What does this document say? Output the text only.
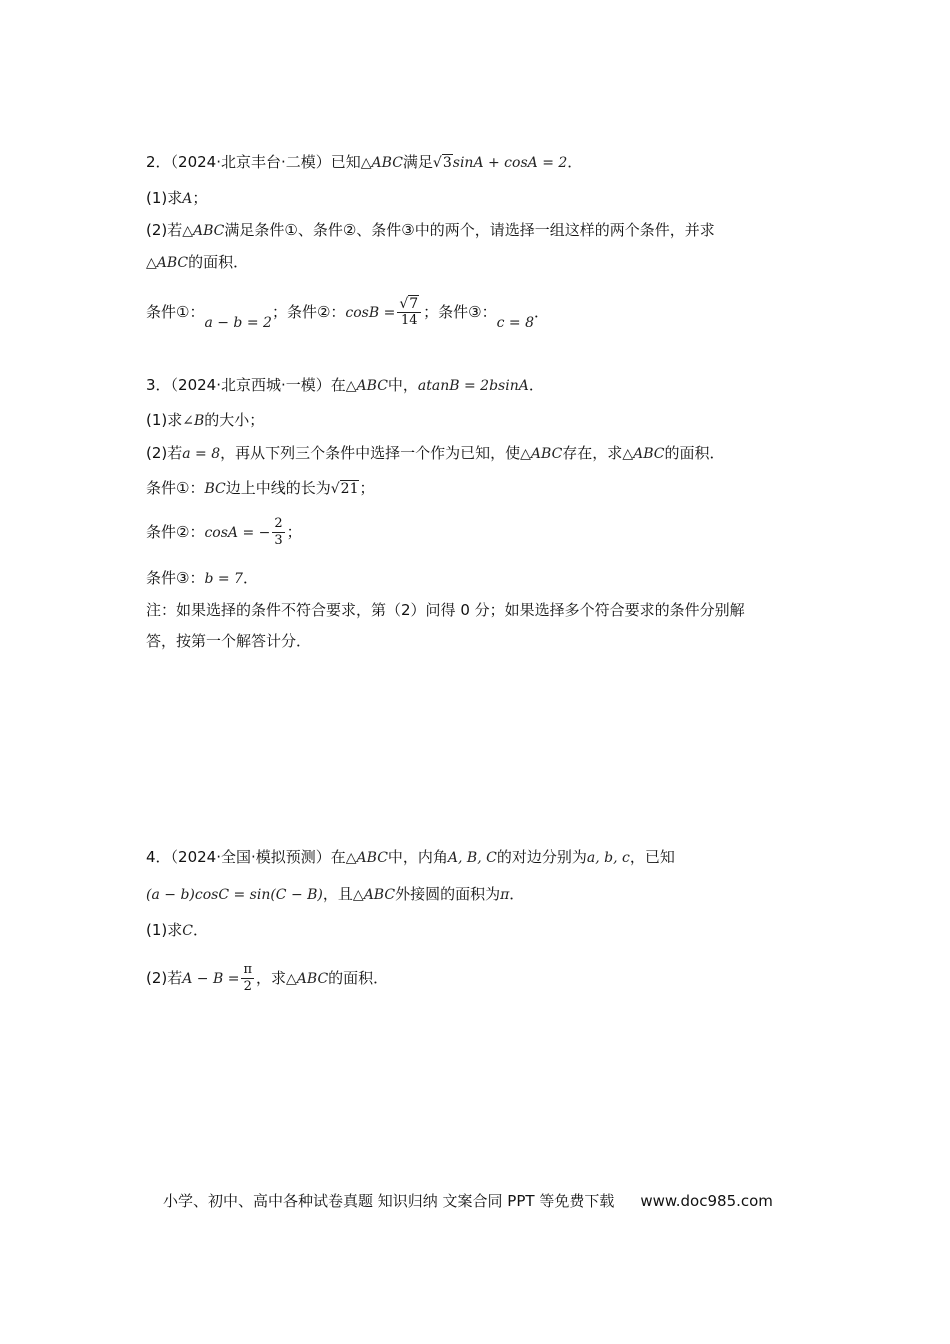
2．（2024·北京丰台·二模）已知△ABC满足√3sinA + cosA = 2．
(1)求A；
(2)若△ABC满足条件①、条件②、条件③中的两个，请选择一组这样的两个条件，并求
△ABC的面积．
条件①：a − b = 2；条件②：$\cos B = \frac{√7}{14}$ ；条件③：c = 8．
3．（2024·北京西城·一模）在△ABC中，atanB = 2bsinA．
(1)求∠B的大小；
(2)若a = 8，再从下列三个条件中选择一个作为已知，使△ABC存在，求△ABC的面积．
条件①：BC边上中线的长为√21；
条件②：cosA = − $\frac{2}{3}$ ；
条件③：b = 7．
注：如果选择的条件不符合要求，第（2）问得 0 分；如果选择多个符合要求的条件分别解
答，按第一个解答计分．
4．（2024·全国·模拟预测）在△ABC中，内角A, B, C的对边分别为a, b, c，已知
(a − b)cosC = sin(C − B)，且△ABC外接圆的面积为π．
(1)求C．
(2)若$A - B = \frac{\pi}{2}$ ，求△ABC的面积．
小学、初中、高中各种试卷真题 知识归纳 文案合同 PPT 等免费下载 www.doc985.com
